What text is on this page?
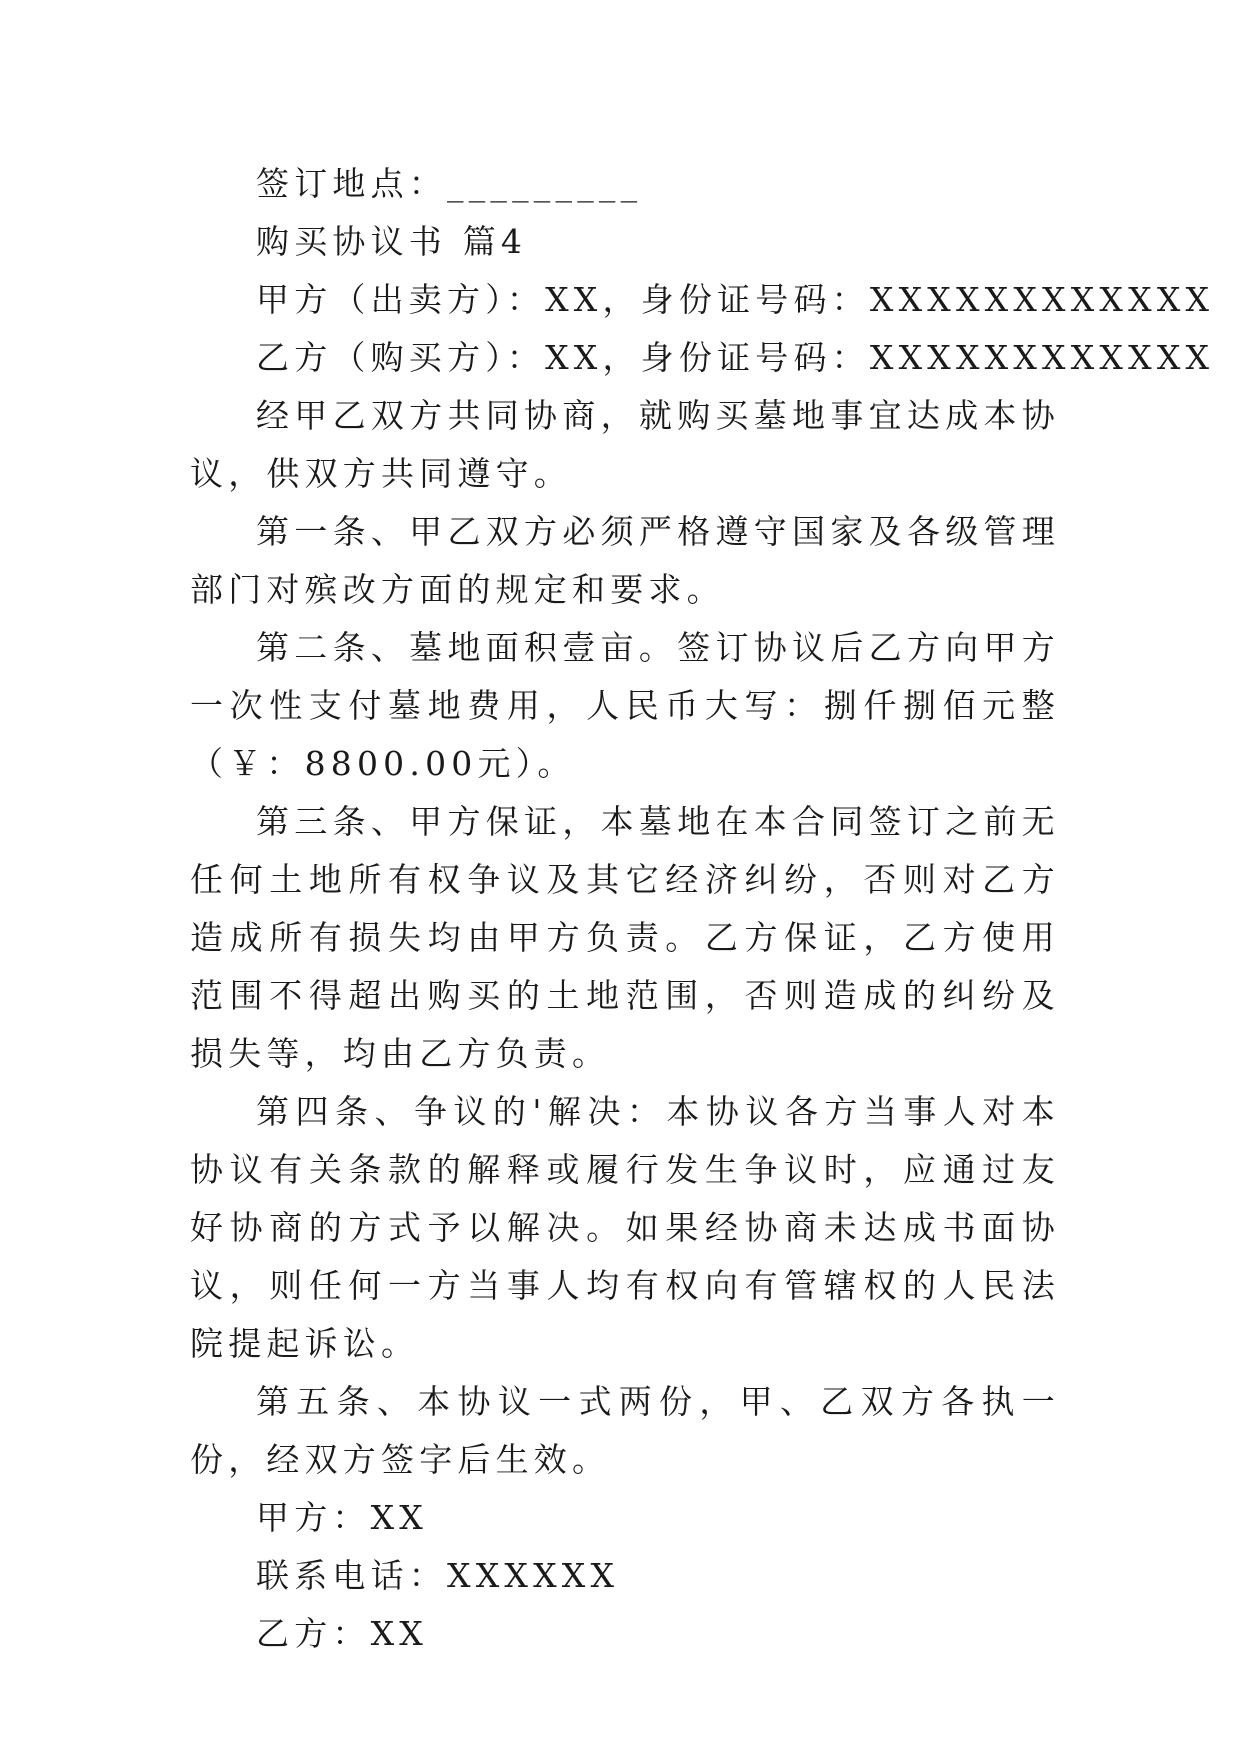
签订地点：_________

购买协议书 篇4

甲方（出卖方）：XX，身份证号码：XXXXXXXXXXXX

乙方（购买方）：XX，身份证号码：XXXXXXXXXXXX

经甲乙双方共同协商，就购买墓地事宜达成本协议，供双方共同遵守。

第一条、甲乙双方必须严格遵守国家及各级管理部门对殡改方面的规定和要求。

第二条、墓地面积壹亩。签订协议后乙方向甲方一次性支付墓地费用，人民币大写：捌仟捌佰元整（￥：8800.00元）。

第三条、甲方保证，本墓地在本合同签订之前无任何土地所有权争议及其它经济纠纷，否则对乙方造成所有损失均由甲方负责。乙方保证，乙方使用范围不得超出购买的土地范围，否则造成的纠纷及损失等，均由乙方负责。

第四条、争议的'解决：本协议各方当事人对本协议有关条款的解释或履行发生争议时，应通过友好协商的方式予以解决。如果经协商未达成书面协议，则任何一方当事人均有权向有管辖权的人民法院提起诉讼。

第五条、本协议一式两份，甲、乙双方各执一份，经双方签字后生效。

甲方：XX

联系电话：XXXXXX

乙方：XX
